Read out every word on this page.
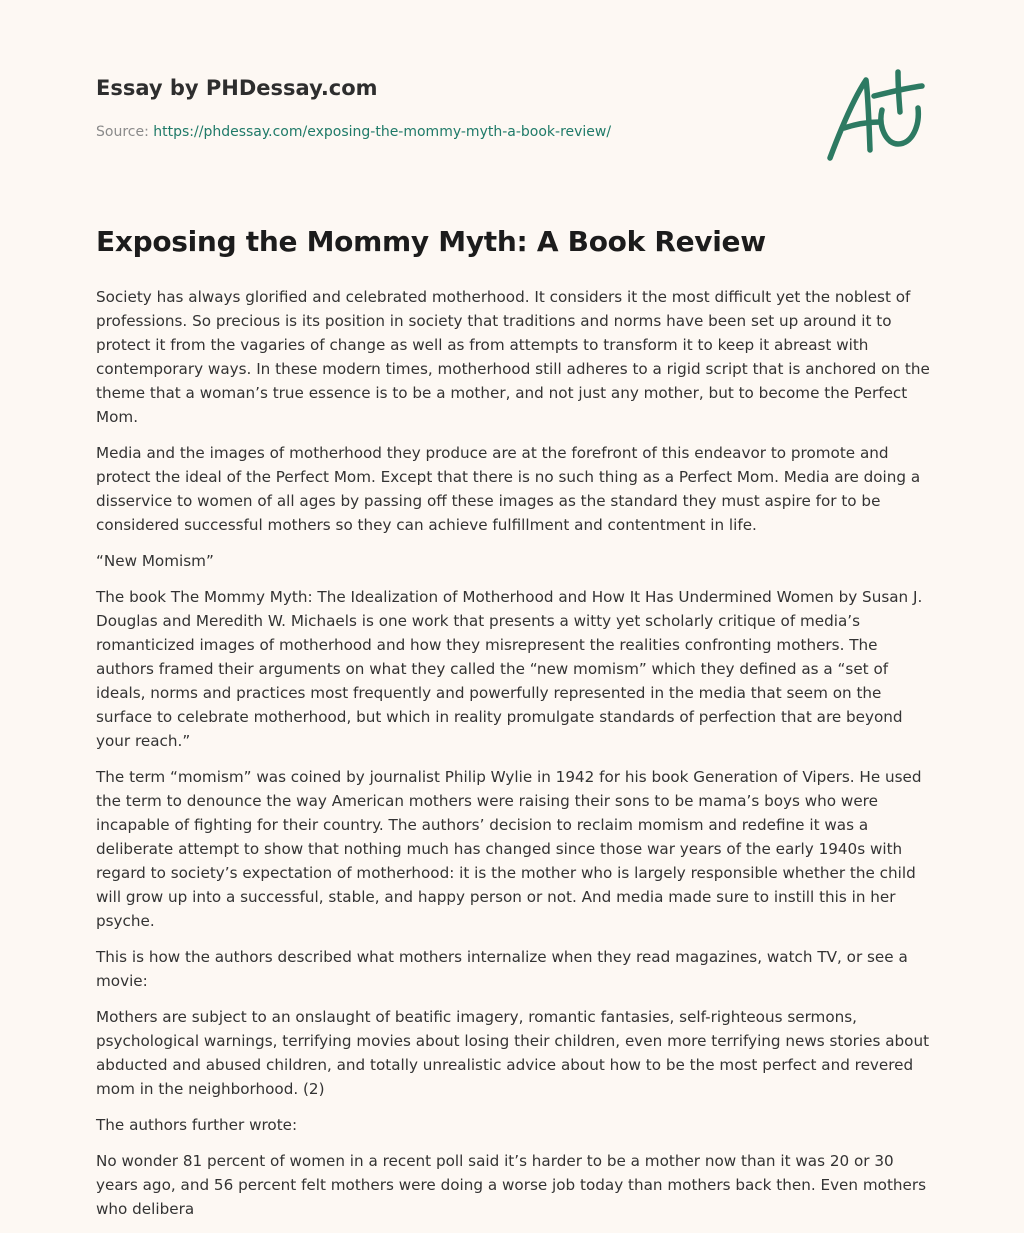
Essay by PHDessay.com

Source: https://phdessay.com/exposing-the-mommy-myth-a-book-review/

Exposing the Mommy Myth: A Book Review

Society has always glorified and celebrated motherhood. It considers it the most difficult yet the noblest of professions. So precious is its position in society that traditions and norms have been set up around it to protect it from the vagaries of change as well as from attempts to transform it to keep it abreast with contemporary ways. In these modern times, motherhood still adheres to a rigid script that is anchored on the theme that a woman’s true essence is to be a mother, and not just any mother, but to become the Perfect Mom.

Media and the images of motherhood they produce are at the forefront of this endeavor to promote and protect the ideal of the Perfect Mom. Except that there is no such thing as a Perfect Mom. Media are doing a disservice to women of all ages by passing off these images as the standard they must aspire for to be considered successful mothers so they can achieve fulfillment and contentment in life.

“New Momism”

The book The Mommy Myth: The Idealization of Motherhood and How It Has Undermined Women by Susan J. Douglas and Meredith W. Michaels is one work that presents a witty yet scholarly critique of media’s romanticized images of motherhood and how they misrepresent the realities confronting mothers. The authors framed their arguments on what they called the “new momism” which they defined as a “set of ideals, norms and practices most frequently and powerfully represented in the media that seem on the surface to celebrate motherhood, but which in reality promulgate standards of perfection that are beyond your reach.”

The term “momism” was coined by journalist Philip Wylie in 1942 for his book Generation of Vipers. He used the term to denounce the way American mothers were raising their sons to be mama’s boys who were incapable of fighting for their country. The authors’ decision to reclaim momism and redefine it was a deliberate attempt to show that nothing much has changed since those war years of the early 1940s with regard to society’s expectation of motherhood: it is the mother who is largely responsible whether the child will grow up into a successful, stable, and happy person or not. And media made sure to instill this in her psyche.

This is how the authors described what mothers internalize when they read magazines, watch TV, or see a movie:

Mothers are subject to an onslaught of beatific imagery, romantic fantasies, self-righteous sermons, psychological warnings, terrifying movies about losing their children, even more terrifying news stories about abducted and abused children, and totally unrealistic advice about how to be the most perfect and revered mom in the neighborhood. (2)

The authors further wrote:

No wonder 81 percent of women in a recent poll said it’s harder to be a mother now than it was 20 or 30 years ago, and 56 percent felt mothers were doing a worse job today than mothers back then. Even mothers who delibera
